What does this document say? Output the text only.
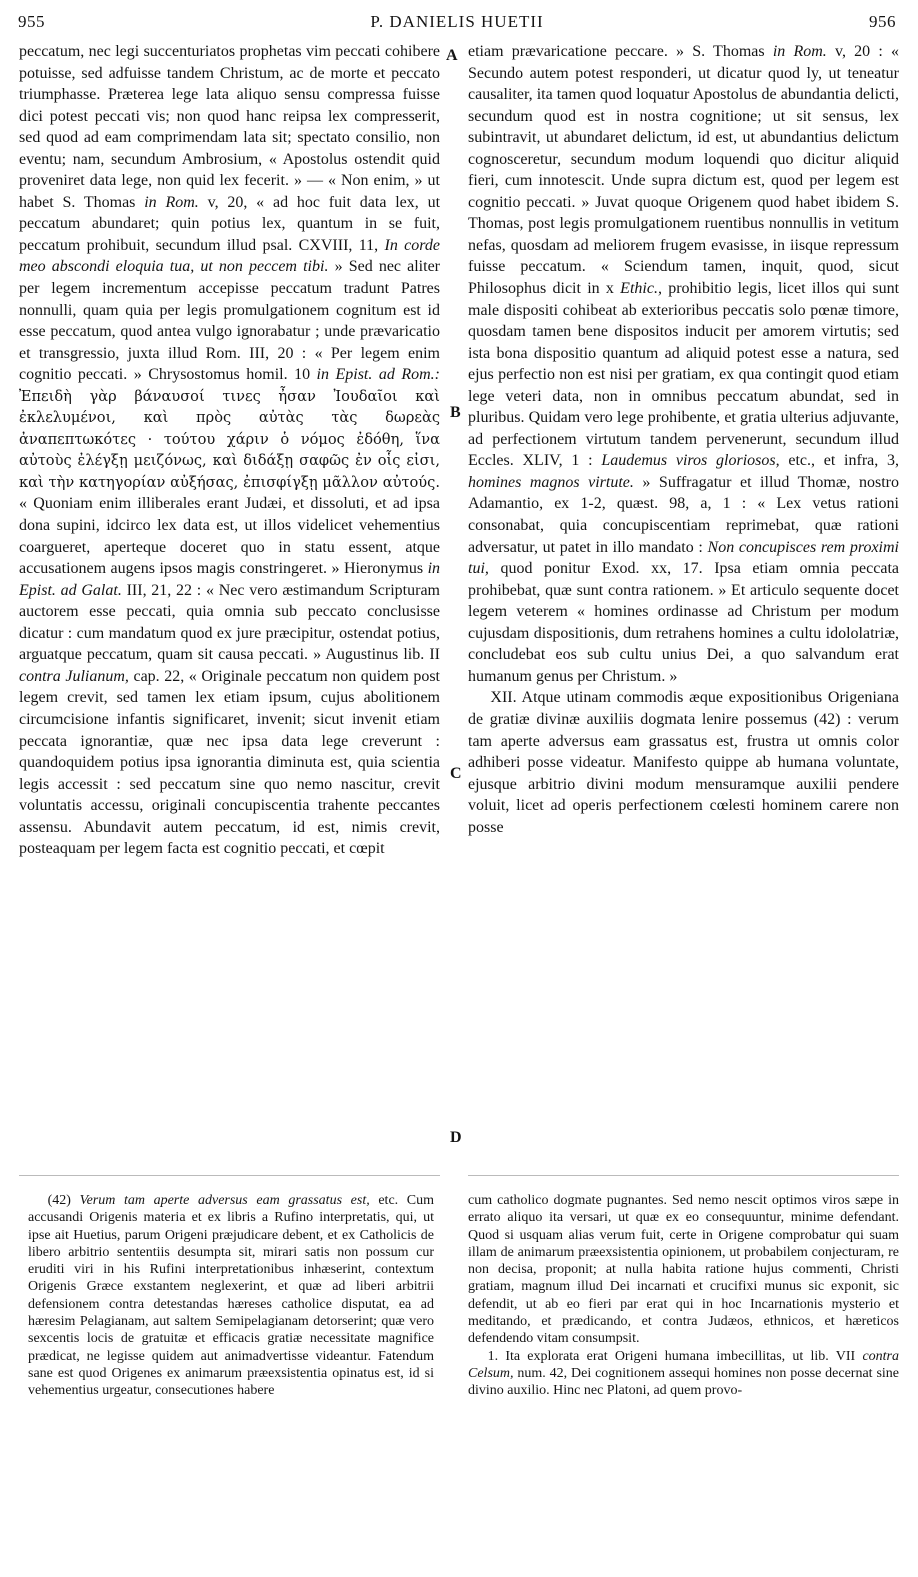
955	P. DANIELIS HUETII	956

peccatum, nec legi succenturiatos prophetas vim peccati cohibere potuisse, sed adfuisse tandem Christum, ac de morte et peccato triumphasse. Præterea lege lata aliquo sensu compressa fuisse dici potest peccati vis; non quod hanc reipsa lex compresserit, sed quod ad eam comprimendam lata sit; spectato consilio, non eventu; nam, secundum Ambrosium, « Apostolus ostendit quid proveniret data lege, non quid lex fecerit. » — « Non enim, » ut habet S. Thomas in Rom. v, 20, « ad hoc fuit data lex, ut peccatum abundaret; quin potius lex, quantum in se fuit, peccatum prohibuit, secundum illud psal. CXVIII, 11, In corde meo abscondi eloquia tua, ut non peccem tibi. » Sed nec aliter per legem incrementum accepisse peccatum tradunt Patres nonnulli, quam quia per legis promulgationem cognitum est id esse peccatum, quod antea vulgo ignorabatur ; unde prævaricatio et transgressio, juxta illud Rom. III, 20 : « Per legem enim cognitio peccati. » Chrysostomus homil. 10 in Epist. ad Rom.: Ἐπειδὴ γὰρ βάναυσοί τινες ἦσαν Ἰουδαῖοι καὶ ἐκλελυμένοι, καὶ πρὸς αὐτὰς τὰς δωρεὰς ἀναπεπτωκότες · τούτου χάριν ὁ νόμος ἐδόθη, ἵνα αὐτοὺς ἐλέγξῃ μειζόνως, καὶ διδάξῃ σαφῶς ἐν οἷς εἰσι, καὶ τὴν κατηγορίαν αὐξήσας, ἐπισφίγξῃ μᾶλλον αὐτούς. « Quoniam enim illiberales erant Judæi, et dissoluti, et ad ipsa dona supini, idcirco lex data est, ut illos videlicet vehementius coargueret, aperteque doceret quo in statu essent, atque accusationem augens ipsos magis constringeret. » Hieronymus in Epist. ad Galat. III, 21, 22 : « Nec vero æstimandum Scripturam auctorem esse peccati, quia omnia sub peccato conclusisse dicatur : cum mandatum quod ex jure præcipitur, ostendat potius, arguatque peccatum, quam sit causa peccati. » Augustinus lib. II contra Julianum, cap. 22, « Originale peccatum non quidem post legem crevit, sed tamen lex etiam ipsum, cujus abolitionem circumcisione infantis significaret, invenit; sicut invenit etiam peccata ignorantiæ, quæ nec ipsa data lege creverunt : quandoquidem potius ipsa ignorantia diminuta est, quia scientia legis accessit : sed peccatum sine quo nemo nascitur, crevit voluntatis accessu, originali concupiscentia trahente peccantes assensu. Abundavit autem peccatum, id est, nimis crevit, posteaquam per legem facta est cognitio peccati, et cœpit

A
B
C
D

etiam prævaricatione peccare. » S. Thomas in Rom. v, 20 : « Secundo autem potest responderi, ut dicatur quod ly, ut teneatur causaliter, ita tamen quod loquatur Apostolus de abundantia delicti, secundum quod est in nostra cognitione; ut sit sensus, lex subintravit, ut abundaret delictum, id est, ut abundantius delictum cognosceretur, secundum modum loquendi quo dicitur aliquid fieri, cum innotescit. Unde supra dictum est, quod per legem est cognitio peccati. » Juvat quoque Origenem quod habet ibidem S. Thomas, post legis promulgationem ruentibus nonnullis in vetitum nefas, quosdam ad meliorem frugem evasisse, in iisque repressum fuisse peccatum. « Sciendum tamen, inquit, quod, sicut Philosophus dicit in x Ethic., prohibitio legis, licet illos qui sunt male dispositi cohibeat ab exterioribus peccatis solo pœnæ timore, quosdam tamen bene dispositos inducit per amorem virtutis; sed ista bona dispositio quantum ad aliquid potest esse a natura, sed ejus perfectio non est nisi per gratiam, ex qua contingit quod etiam lege veteri data, non in omnibus peccatum abundat, sed in pluribus. Quidam vero lege prohibente, et gratia ulterius adjuvante, ad perfectionem virtutum tandem pervenerunt, secundum illud Eccles. XLIV, 1 : Laudemus viros gloriosos, etc., et infra, 3, homines magnos virtute. » Suffragatur et illud Thomæ, nostro Adamantio, ex 1-2, quæst. 98, a, 1 : « Lex vetus rationi consonabat, quia concupiscentiam reprimebat, quæ rationi adversatur, ut patet in illo mandato : Non concupisces rem proximi tui, quod ponitur Exod. xx, 17. Ipsa etiam omnia peccata prohibebat, quæ sunt contra rationem. » Et articulo sequente docet legem veterem « homines ordinasse ad Christum per modum cujusdam dispositionis, dum retrahens homines a cultu idololatriæ, concludebat eos sub cultu unius Dei, a quo salvandum erat humanum genus per Christum. »

XII. Atque utinam commodis æque expositionibus Origeniana de gratiæ divinæ auxiliis dogmata lenire possemus (42) : verum tam aperte adversus eam grassatus est, frustra ut omnis color adhiberi posse videatur. Manifesto quippe ab humana voluntate, ejusque arbitrio divini modum mensuramque auxilii pendere voluit, licet ad operis perfectionem cœlesti hominem carere non posse

(42) Verum tam aperte adversus eam grassatus est, etc. Cum accusandi Origenis materia et ex libris a Rufino interpretatis, qui, ut ipse ait Huetius, parum Origeni præjudicare debent, et ex Catholicis de libero arbitrio sententiis desumpta sit, mirari satis non possum cur eruditi viri in his Rufini interpretationibus inhæserint, contextum Origenis Græce exstantem neglexerint, et quæ ad liberi arbitrii defensionem contra detestandas hæreses catholice disputat, ea ad hæresim Pelagianam, aut saltem Semipelagianam detorserint; quæ vero sexcentis locis de gratuitæ et efficacis gratiæ necessitate magnifice prædicat, ne legisse quidem aut animadvertisse videantur. Fatendum sane est quod Origenes ex animarum præexsistentia opinatus est, id si vehementius urgeatur, consecutiones habere

cum catholico dogmate pugnantes. Sed nemo nescit optimos viros sæpe in errato aliquo ita versari, ut quæ ex eo consequuntur, minime defendant. Quod si usquam alias verum fuit, certe in Origene comprobatur qui suam illam de animarum præexsistentia opinionem, ut probabilem conjecturam, re non decisa, proponit; at nulla habita ratione hujus commenti, Christi gratiam, magnum illud Dei incarnati et crucifixi munus sic exponit, sic defendit, ut ab eo fieri par erat qui in hoc Incarnationis mysterio et meditando, et prædicando, et contra Judæos, ethnicos, et hæreticos defendendo vitam consumpsit.

1. Ita explorata erat Origeni humana imbecillitas, ut lib. VII contra Celsum, num. 42, Dei cognitionem assequi homines non posse decernat sine divino auxilio. Hinc nec Platoni, ad quem provo-
